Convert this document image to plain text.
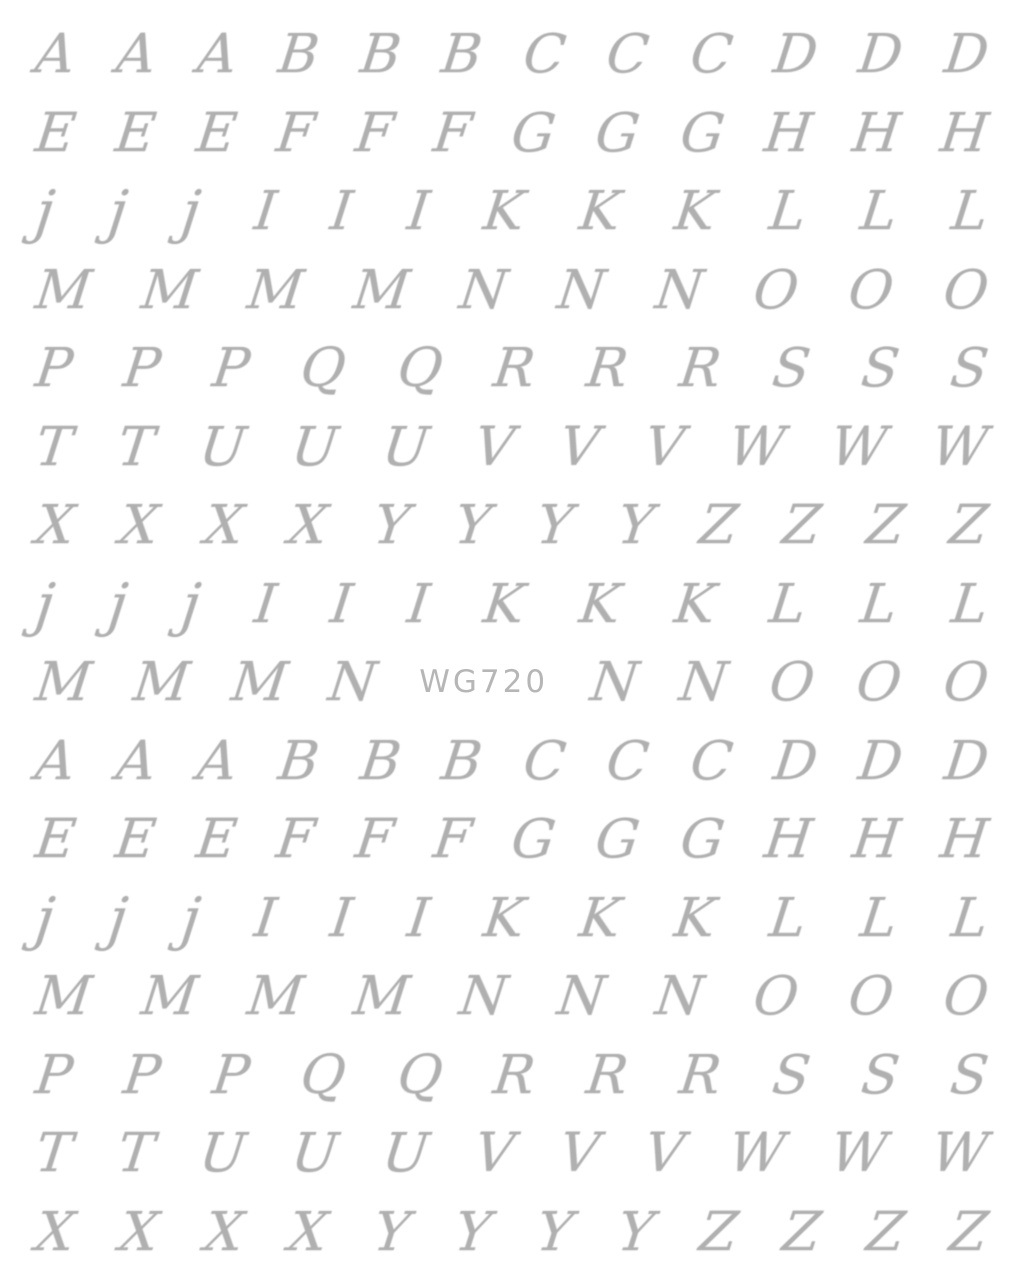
A A A B B B C C C D D D
E E E F F F G G G H H H
j j j I I I K K K L L L
M M M M N N N O O O
P P P Q Q R R R S S S
T T U U U V V V W W W
X X X X Y Y Y Y Z Z Z Z
j j j I I I K K K L L L
M M M N WG720 N N O O O
A A A B B B C C C D D D
E E E F F F G G G H H H
j j j I I I K K K L L L
M M M M N N N O O O
P P P Q Q R R R S S S
T T U U U V V V W W W
X X X X Y Y Y Y Z Z Z Z
